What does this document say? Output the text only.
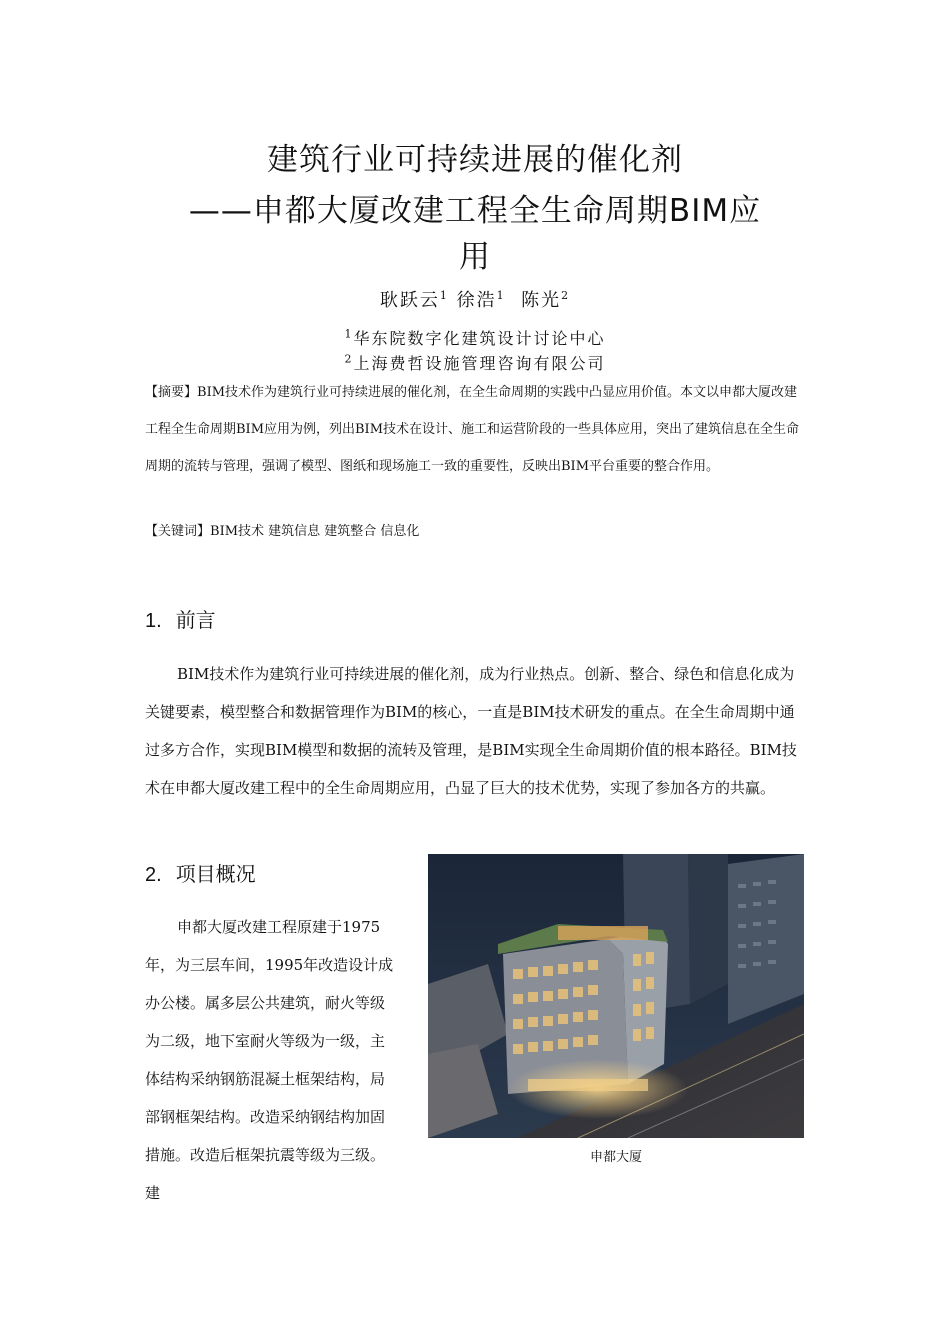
建筑行业可持续进展的催化剂
——申都大厦改建工程全生命周期BIM应
用
耿跃云$^1$ 徐浩$^1$ 陈光$^2$
$^1$华东院数字化建筑设计讨论中心
$^2$上海费哲设施管理咨询有限公司
【摘要】BIM技术作为建筑行业可持续进展的催化剂，在全生命周期的实践中凸显应用价值。本文以申都大厦改建工程全生命周期BIM应用为例，列出BIM技术在设计、施工和运营阶段的一些具体应用，突出了建筑信息在全生命周期的流转与管理，强调了模型、图纸和现场施工一致的重要性，反映出BIM平台重要的整合作用。
【关键词】BIM技术 建筑信息 建筑整合 信息化
1. 前言
BIM技术作为建筑行业可持续进展的催化剂，成为行业热点。创新、整合、绿色和信息化成为关键要素，模型整合和数据管理作为BIM的核心，一直是BIM技术研发的重点。在全生命周期中通过多方合作，实现BIM模型和数据的流转及管理，是BIM实现全生命周期价值的根本路径。BIM技术在申都大厦改建工程中的全生命周期应用，凸显了巨大的技术优势，实现了参加各方的共赢。
2. 项目概况
申都大厦改建工程原建于1975年，为三层车间，1995年改造设计成办公楼。属多层公共建筑，耐火等级为二级，地下室耐火等级为一级，主体结构采纳钢筋混凝土框架结构，局部钢框架结构。改造采纳钢结构加固措施。改造后框架抗震等级为三级。建
申都大厦
